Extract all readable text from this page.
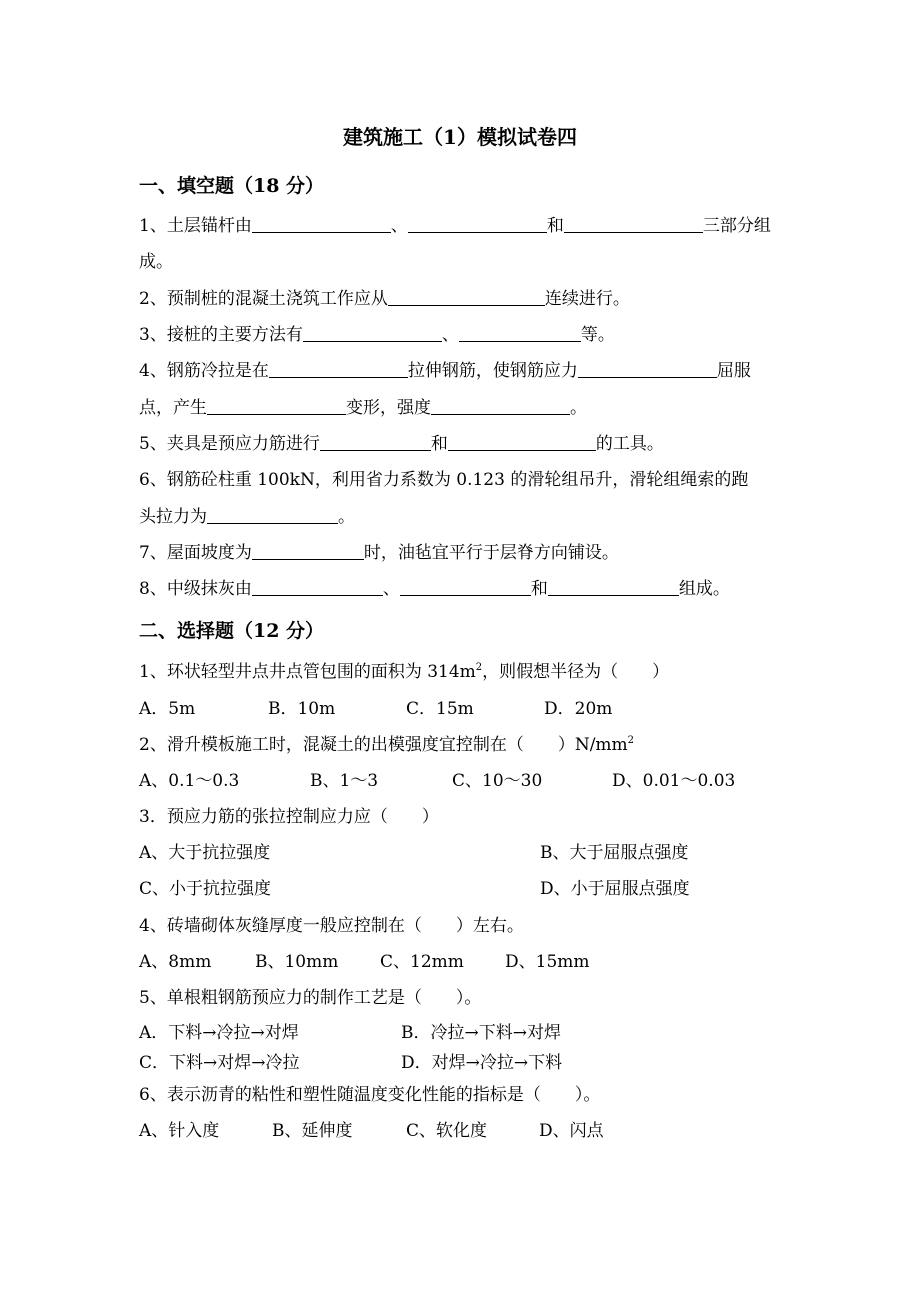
建筑施工（1）模拟试卷四
一、填空题（18 分）
1、土层锚杆由	、	和	三部分组
成。
2、预制桩的混凝土浇筑工作应从	连续进行。
3、接桩的主要方法有	、	等。
4、钢筋冷拉是在	拉伸钢筋，使钢筋应力	屈服
点，产生	变形，强度	。
5、夹具是预应力筋进行	和	的工具。
6、钢筋砼柱重 100kN，利用省力系数为 0.123 的滑轮组吊升，滑轮组绳索的跑
头拉力为	。
7、屋面坡度为	时，油毡宜平行于层脊方向铺设。
8、中级抹灰由	、	和	组成。
二、选择题（12 分）
1、环状轻型井点井点管包围的面积为 $314m^2$，则假想半径为（　　）
A．5m	B．10m	C．15m	D．20m
2、滑升模板施工时，混凝土的出模强度宜控制在（　　）$N/mm^2$
A、0.1～0.3	B、1～3	C、10～30	D、0.01～0.03
3．预应力筋的张拉控制应力应（　　）
A、大于抗拉强度	B、大于屈服点强度
C、小于抗拉强度	D、小于屈服点强度
4、砖墙砌体灰缝厚度一般应控制在（　　）左右。
A、8mm	B、10mm C、12mm D、15mm
5、单根粗钢筋预应力的制作工艺是（　　）。
A．下料→冷拉→对焊	B．冷拉→下料→对焊
C．下料→对焊→冷拉	D．对焊→冷拉→下料
6、表示沥青的粘性和塑性随温度变化性能的指标是（　　）。
A、针入度	B、延伸度	C、软化度	D、闪点
